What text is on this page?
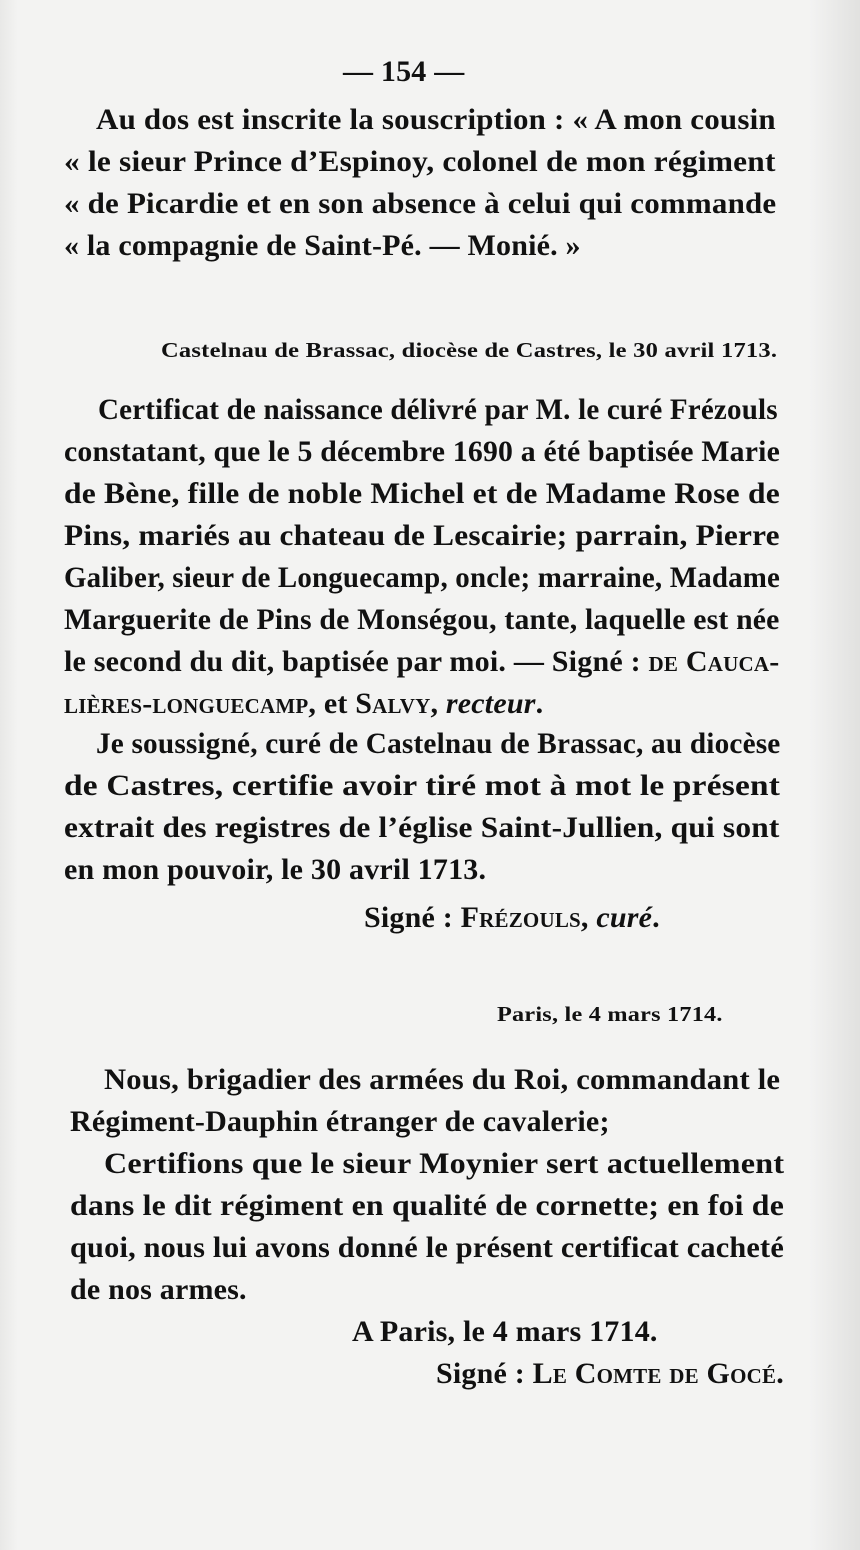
— 154 —
Au dos est inscrite la souscription : « A mon cousin
« le sieur Prince d’Espinoy, colonel de mon régiment
« de Picardie et en son absence à celui qui commande
« la compagnie de Saint-Pé. — Monié. »
Castelnau de Brassac, diocèse de Castres, le 30 avril 1713.
Certificat de naissance délivré par M. le curé Frézouls
constatant, que le 5 décembre 1690 a été baptisée Marie
de Bène, fille de noble Michel et de Madame Rose de
Pins, mariés au chateau de Lescairie; parrain, Pierre
Galiber, sieur de Longuecamp, oncle; marraine, Madame
Marguerite de Pins de Monségou, tante, laquelle est née
le second du dit, baptisée par moi. — Signé : de Cauca-
lières-longuecamp, et Salvy, recteur.
Je soussigné, curé de Castelnau de Brassac, au diocèse
de Castres, certifie avoir tiré mot à mot le présent
extrait des registres de l’église Saint-Jullien, qui sont
en mon pouvoir, le 30 avril 1713.
Signé : Frézouls, curé.
Paris, le 4 mars 1714.
Nous, brigadier des armées du Roi, commandant le
Régiment-Dauphin étranger de cavalerie;
Certifions que le sieur Moynier sert actuellement
dans le dit régiment en qualité de cornette; en foi de
quoi, nous lui avons donné le présent certificat cacheté
de nos armes.
A Paris, le 4 mars 1714.
Signé : Le Comte de Gocé.
